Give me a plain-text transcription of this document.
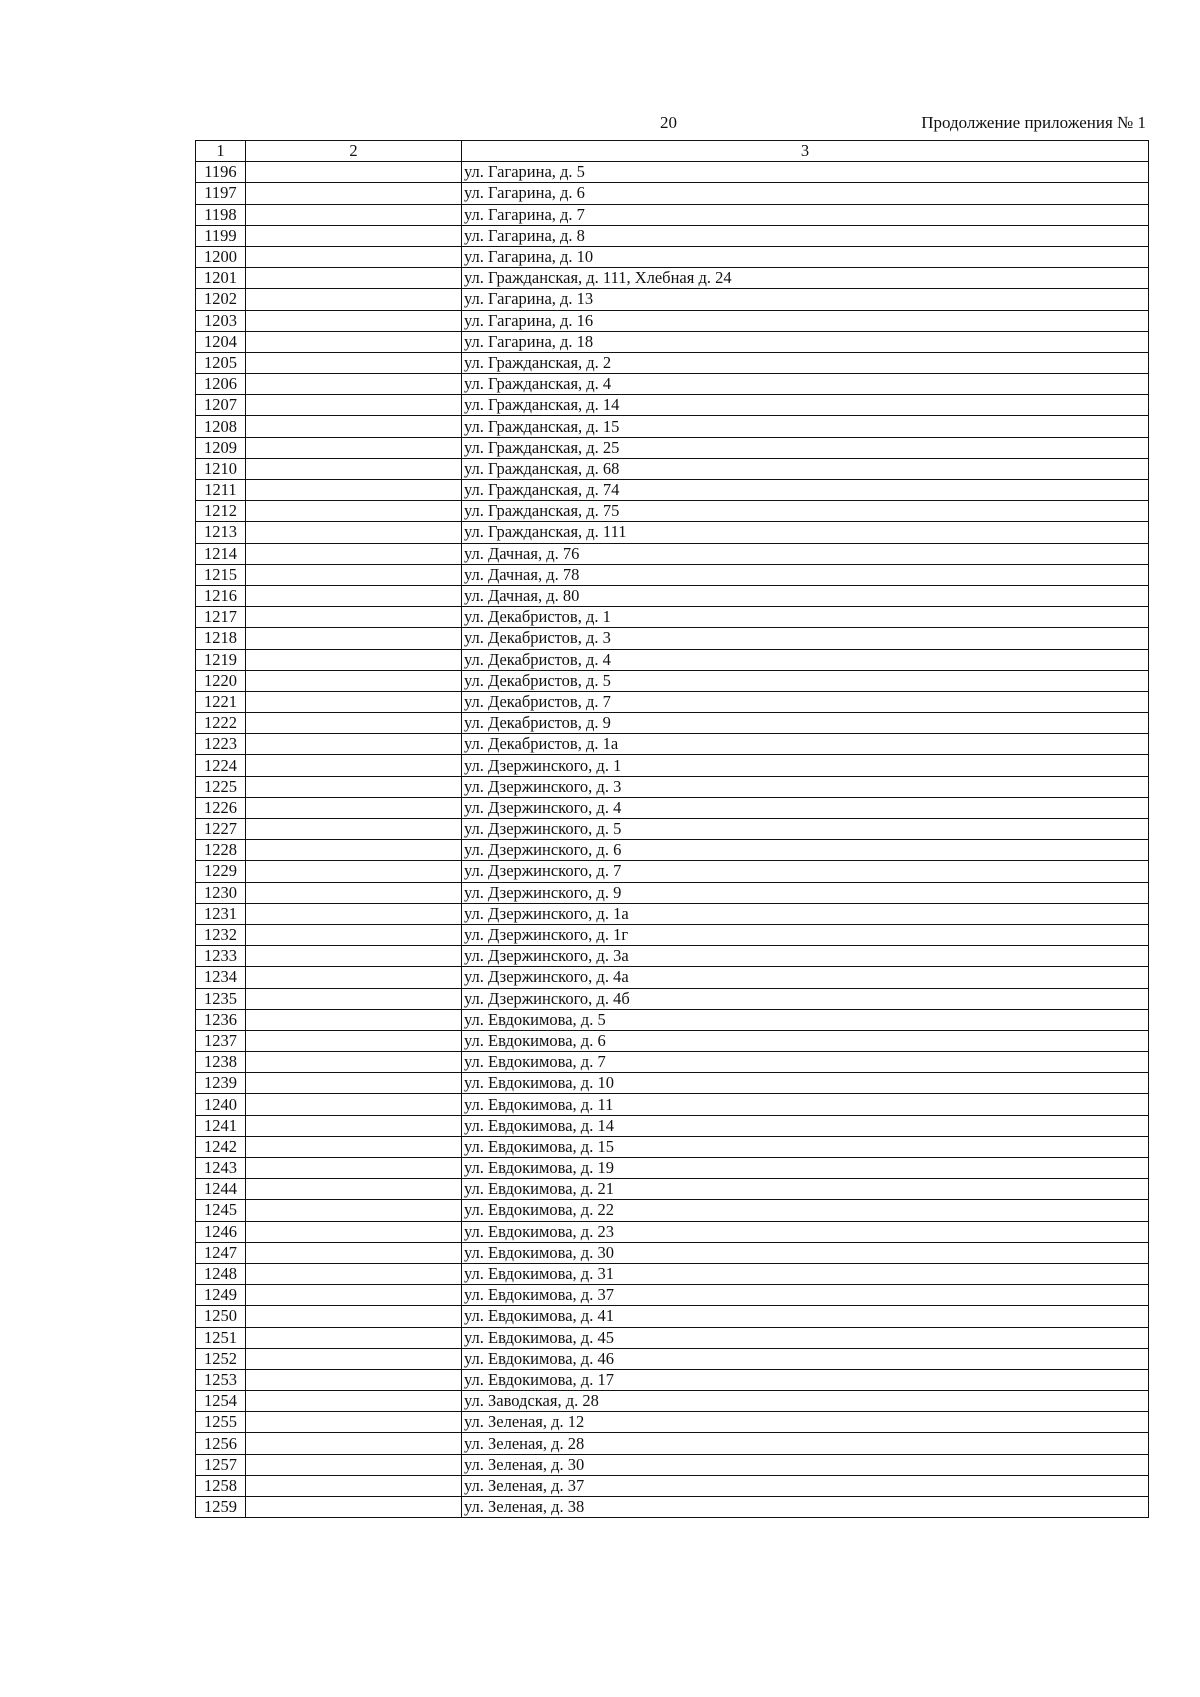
20	Продолжение приложения № 1
1	2	3
1196		ул. Гагарина, д. 5
1197		ул. Гагарина, д. 6
1198		ул. Гагарина, д. 7
1199		ул. Гагарина, д. 8
1200		ул. Гагарина, д. 10
1201		ул. Гражданская, д. 111, Хлебная д. 24
1202		ул. Гагарина, д. 13
1203		ул. Гагарина, д. 16
1204		ул. Гагарина, д. 18
1205		ул. Гражданская, д. 2
1206		ул. Гражданская, д. 4
1207		ул. Гражданская, д. 14
1208		ул. Гражданская, д. 15
1209		ул. Гражданская, д. 25
1210		ул. Гражданская, д. 68
1211		ул. Гражданская, д. 74
1212		ул. Гражданская, д. 75
1213		ул. Гражданская, д. 111
1214		ул. Дачная, д. 76
1215		ул. Дачная, д. 78
1216		ул. Дачная, д. 80
1217		ул. Декабристов, д. 1
1218		ул. Декабристов, д. 3
1219		ул. Декабристов, д. 4
1220		ул. Декабристов, д. 5
1221		ул. Декабристов, д. 7
1222		ул. Декабристов, д. 9
1223		ул. Декабристов, д. 1а
1224		ул. Дзержинского, д. 1
1225		ул. Дзержинского, д. 3
1226		ул. Дзержинского, д. 4
1227		ул. Дзержинского, д. 5
1228		ул. Дзержинского, д. 6
1229		ул. Дзержинского, д. 7
1230		ул. Дзержинского, д. 9
1231		ул. Дзержинского, д. 1а
1232		ул. Дзержинского, д. 1г
1233		ул. Дзержинского, д. 3а
1234		ул. Дзержинского, д. 4а
1235		ул. Дзержинского, д. 4б
1236		ул. Евдокимова, д. 5
1237		ул. Евдокимова, д. 6
1238		ул. Евдокимова, д. 7
1239		ул. Евдокимова, д. 10
1240		ул. Евдокимова, д. 11
1241		ул. Евдокимова, д. 14
1242		ул. Евдокимова, д. 15
1243		ул. Евдокимова, д. 19
1244		ул. Евдокимова, д. 21
1245		ул. Евдокимова, д. 22
1246		ул. Евдокимова, д. 23
1247		ул. Евдокимова, д. 30
1248		ул. Евдокимова, д. 31
1249		ул. Евдокимова, д. 37
1250		ул. Евдокимова, д. 41
1251		ул. Евдокимова, д. 45
1252		ул. Евдокимова, д. 46
1253		ул. Евдокимова, д. 17
1254		ул. Заводская, д. 28
1255		ул. Зеленая, д. 12
1256		ул. Зеленая, д. 28
1257		ул. Зеленая, д. 30
1258		ул. Зеленая, д. 37
1259		ул. Зеленая, д. 38
